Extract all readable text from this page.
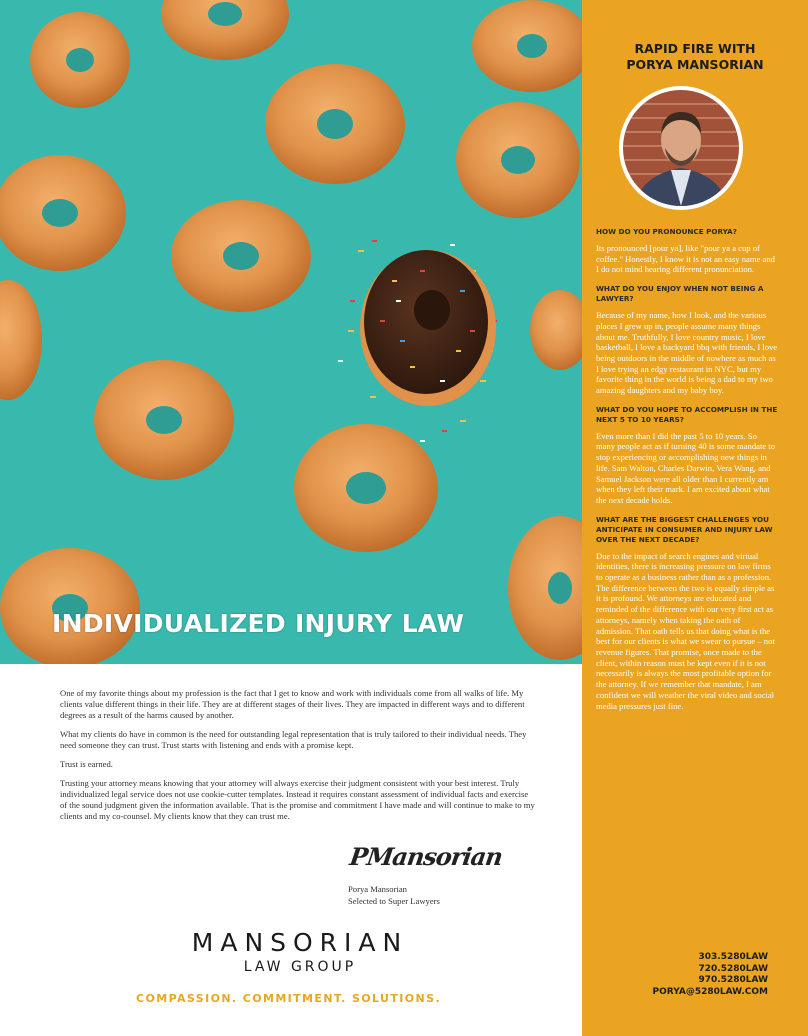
INDIVIDUALIZED INJURY LAW

One of my favorite things about my profession is the fact that I get to know and work with individuals come from all walks of life. My clients value different things in their life. They are at different stages of their lives. They are impacted in different ways and to different degrees as a result of the harms caused by another.

What my clients do have in common is the need for outstanding legal representation that is truly tailored to their individual needs. They need someone they can trust. Trust starts with listening and ends with a promise kept.

Trust is earned.

Trusting your attorney means knowing that your attorney will always exercise their judgment consistent with your best interest. Truly individualized legal service does not use cookie-cutter templates. Instead it requires constant assessment of individual facts and exercise of the sound judgment given the information available. That is the promise and commitment I have made and will continue to make to my clients and my co-counsel. My clients know that they can trust me.

PMansorian
Porya Mansorian
Selected to Super Lawyers
MANSORIAN
LAW GROUP
COMPASSION. COMMITMENT. SOLUTIONS.
RAPID FIRE WITH
PORYA MANSORIAN
HOW DO YOU PRONOUNCE PORYA?
Its pronounced [pour ya], like "pour ya a cup of coffee." Honestly, I know it is not an easy name and I do not mind hearing different pronunciation.
WHAT DO YOU ENJOY WHEN NOT BEING A LAWYER?
Because of my name, how I look, and the various places I grew up in, people assume many things about me. Truthfully, I love country music, I love basketball, I love a backyard bbq with friends, I love being outdoors in the middle of nowhere as much as I love trying an edgy restaurant in NYC, but my favorite thing in the world is being a dad to my two amazing daughters and my baby boy.
WHAT DO YOU HOPE TO ACCOMPLISH IN THE NEXT 5 TO 10 YEARS?
Even more than I did the past 5 to 10 years. So many people act as if turning 40 is some mandate to stop experiencing or accomplishing new things in life. Sam Walton, Charles Darwin, Vera Wang, and Samuel Jackson were all older than I currently am when they left their mark. I am excited about what the next decade holds.
WHAT ARE THE BIGGEST CHALLENGES YOU ANTICIPATE IN CONSUMER AND INJURY LAW OVER THE NEXT DECADE?
Due to the impact of search engines and virtual identities, there is increasing pressure on law firms to operate as a business rather than as a profession. The difference between the two is equally simple as it is profound. We attorneys are educated and reminded of the difference with our very first act as attorneys, namely when taking the oath of admission. That oath tells us that doing what is the best for our clients is what we swear to pursue – not revenue figures. That promise, once made to the client, within reason must be kept even if it is not necessarily is always the most profitable option for the attorney. If we remember that mandate, I am confident we will weather the viral video and social media pressures just fine.
303.5280LAW
720.5280LAW
970.5280LAW
PORYA@5280LAW.COM
